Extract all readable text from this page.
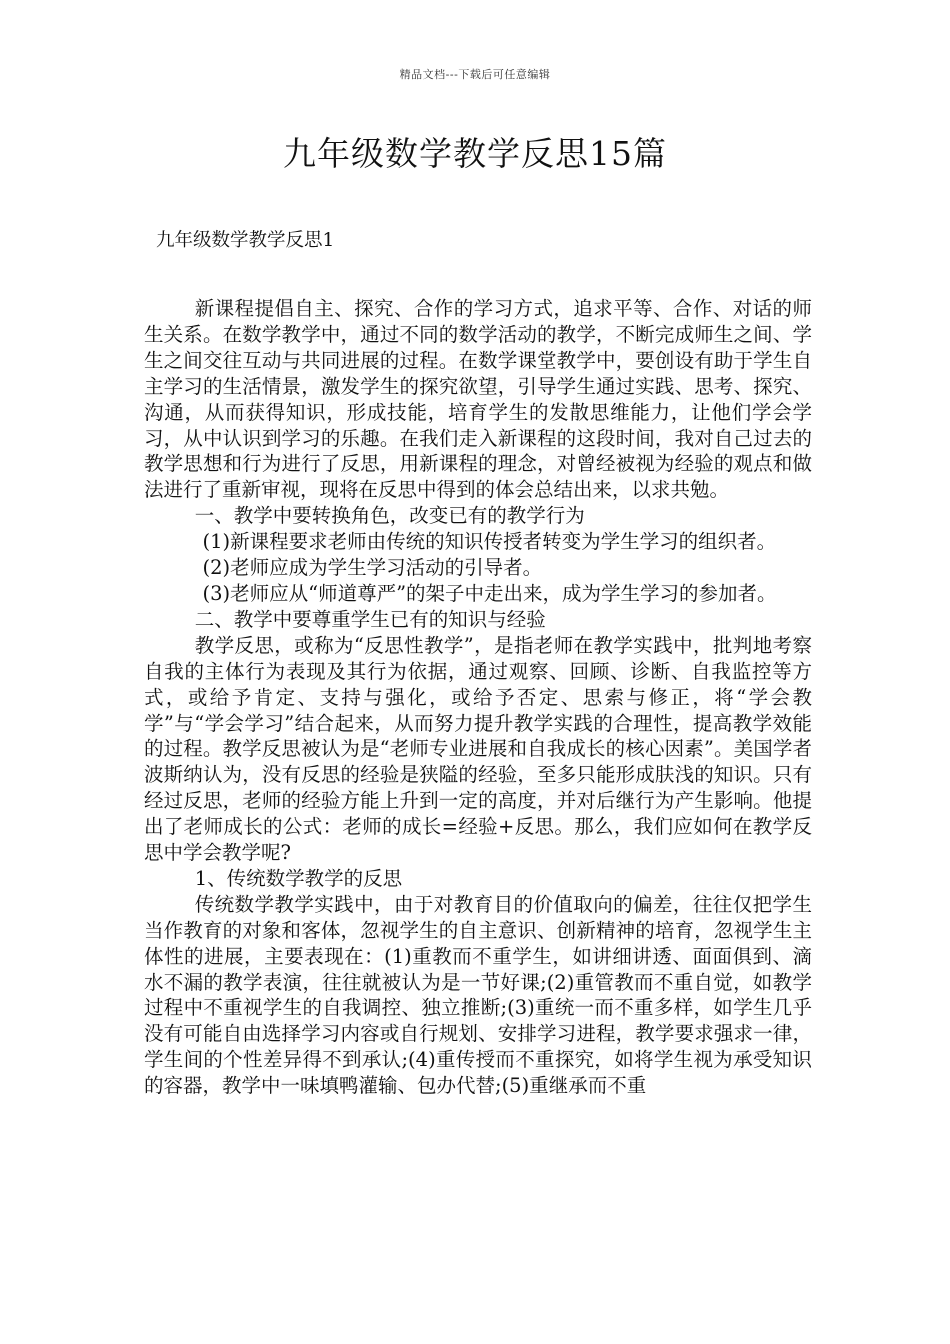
精品文档---下载后可任意编辑
九年级数学教学反思15篇
九年级数学教学反思1

新课程提倡自主、探究、合作的学习方式，追求平等、合作、对话的师生关系。在数学教学中，通过不同的数学活动的教学，不断完成师生之间、学生之间交往互动与共同进展的过程。在数学课堂教学中，要创设有助于学生自主学习的生活情景，激发学生的探究欲望，引导学生通过实践、思考、探究、沟通，从而获得知识，形成技能，培育学生的发散思维能力，让他们学会学习，从中认识到学习的乐趣。在我们走入新课程的这段时间，我对自己过去的教学思想和行为进行了反思，用新课程的理念，对曾经被视为经验的观点和做法进行了重新审视，现将在反思中得到的体会总结出来，以求共勉。

一、教学中要转换角色，改变已有的教学行为

(1)新课程要求老师由传统的知识传授者转变为学生学习的组织者。

(2)老师应成为学生学习活动的引导者。

(3)老师应从“师道尊严”的架子中走出来，成为学生学习的参加者。

二、教学中要尊重学生已有的知识与经验

教学反思，或称为“反思性教学”，是指老师在教学实践中，批判地考察自我的主体行为表现及其行为依据，通过观察、回顾、诊断、自我监控等方式，或给予肯定、支持与强化，或给予否定、思索与修正，将“学会教学”与“学会学习”结合起来，从而努力提升教学实践的合理性，提高教学效能的过程。教学反思被认为是“老师专业进展和自我成长的核心因素”。美国学者波斯纳认为，没有反思的经验是狭隘的经验，至多只能形成肤浅的知识。只有经过反思，老师的经验方能上升到一定的高度，并对后继行为产生影响。他提出了老师成长的公式：老师的成长=经验+反思。那么，我们应如何在教学反思中学会教学呢?

1、传统数学教学的反思

传统数学教学实践中，由于对教育目的价值取向的偏差，往往仅把学生当作教育的对象和客体，忽视学生的自主意识、创新精神的培育，忽视学生主体性的进展，主要表现在：(1)重教而不重学生，如讲细讲透、面面俱到、滴水不漏的教学表演，往往就被认为是一节好课;(2)重管教而不重自觉，如教学过程中不重视学生的自我调控、独立推断;(3)重统一而不重多样，如学生几乎没有可能自由选择学习内容或自行规划、安排学习进程，教学要求强求一律，学生间的个性差异得不到承认;(4)重传授而不重探究，如将学生视为承受知识的容器，教学中一味填鸭灌输、包办代替;(5)重继承而不重
